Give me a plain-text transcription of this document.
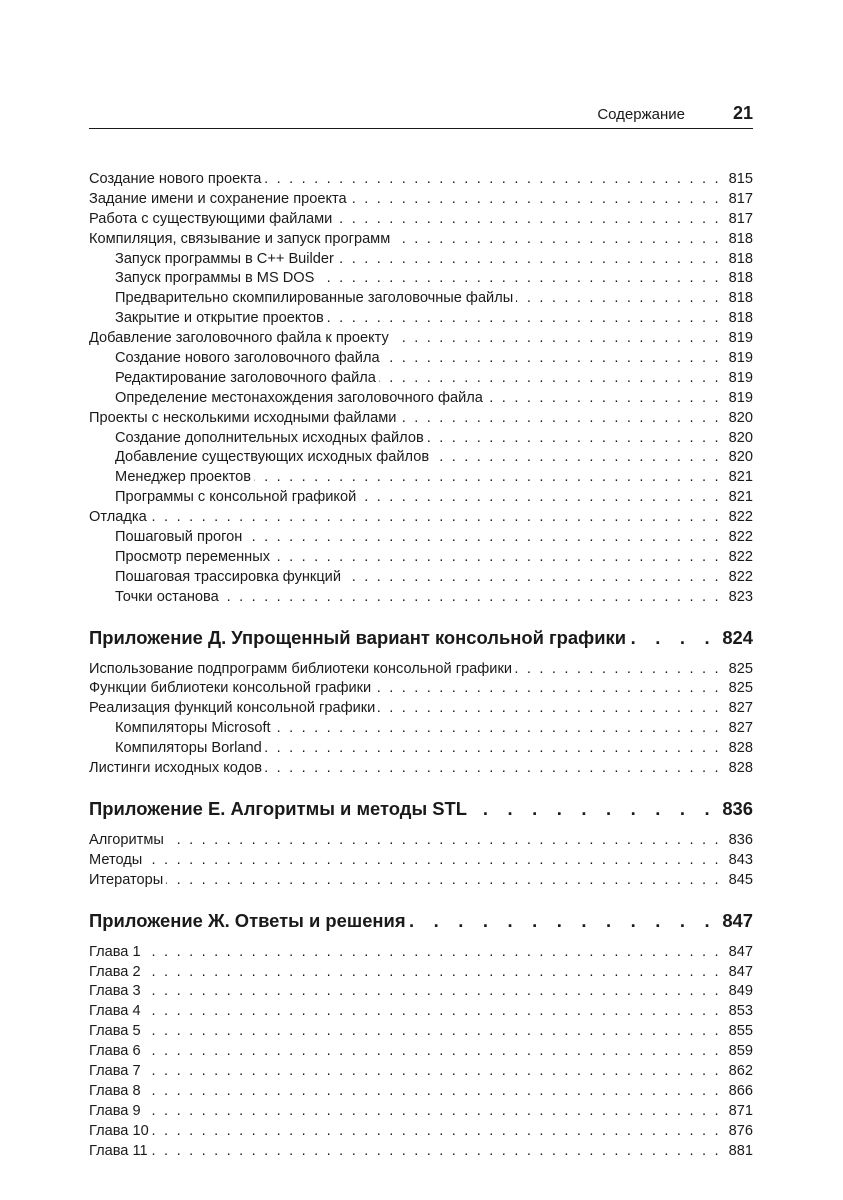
Содержание	21
. . .
Создание нового проекта	815
. . .
Задание имени и сохранение проекта	817
. . .
Работа с существующими файлами	817
. . .
Компиляция, связывание и запуск программ	818
. . .
Запуск программы в C++ Builder	818
. . .
Запуск программы в MS DOS	818
. . .
Предварительно скомпилированные заголовочные файлы	818
. . .
Закрытие и открытие проектов	818
. . .
Добавление заголовочного файла к проекту	819
. . .
Создание нового заголовочного файла	819
. . .
Редактирование заголовочного файла	819
. . .
Определение местонахождения заголовочного файла	819
. . .
Проекты с несколькими исходными файлами	820
. . .
Создание дополнительных исходных файлов	820
. . .
Добавление существующих исходных файлов	820
. . .
Менеджер проектов	821
. . .
Программы с консольной графикой	821
. . .
Отладка	822
. . .
Пошаговый прогон	822
. . .
Просмотр переменных	822
. . .
Пошаговая трассировка функций	822
. . .
Точки останова	823
. . .
Приложение Д. Упрощенный вариант консольной графики	824
. . .
Использование подпрограмм библиотеки консольной графики	825
. . .
Функции библиотеки консольной графики	825
. . .
Реализация функций консольной графики	827
. . .
Компиляторы Microsoft	827
. . .
Компиляторы Borland	828
. . .
Листинги исходных кодов	828
. . .
Приложение Е. Алгоритмы и методы STL	836
. . .
Алгоритмы	836
. . .
Методы	843
. . .
Итераторы	845
. . .
Приложение Ж. Ответы и решения	847
. . .
Глава 1	847
. . .
Глава 2	847
. . .
Глава 3	849
. . .
Глава 4	853
. . .
Глава 5	855
. . .
Глава 6	859
. . .
Глава 7	862
. . .
Глава 8	866
. . .
Глава 9	871
. . .
Глава 10	876
. . .
Глава 11	881
